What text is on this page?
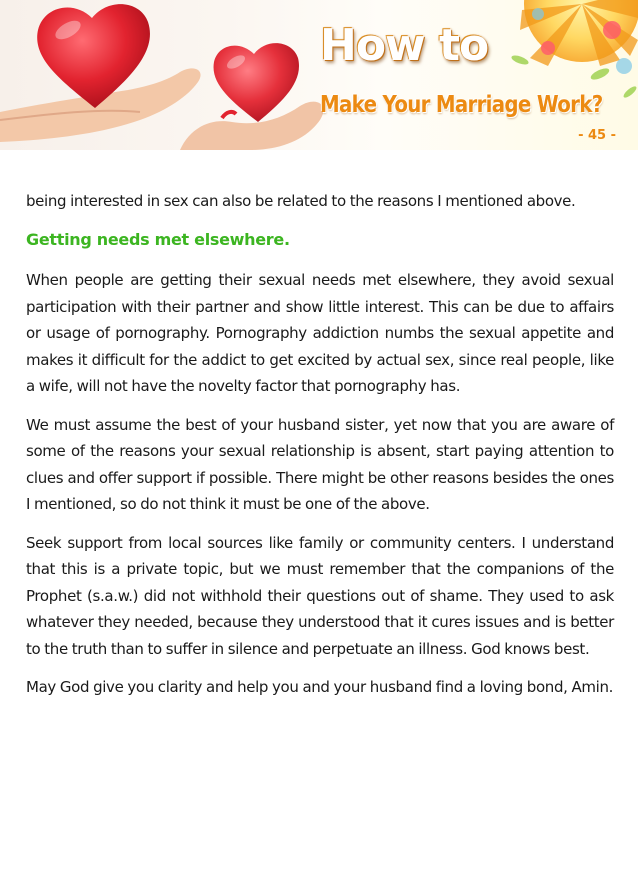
How to
Make Your Marriage Work?
- 45 -

being interested in sex can also be related to the reasons I mentioned above.

Getting needs met elsewhere.

When people are getting their sexual needs met elsewhere, they avoid sexual participation with their partner and show little interest. This can be due to affairs or usage of pornography. Pornography addiction numbs the sexual appetite and makes it difficult for the addict to get excited by actual sex, since real people, like a wife, will not have the novelty factor that pornography has.

We must assume the best of your husband sister, yet now that you are aware of some of the reasons your sexual relationship is absent, start paying attention to clues and offer support if possible. There might be other reasons besides the ones I mentioned, so do not think it must be one of the above.

Seek support from local sources like family or community centers. I understand that this is a private topic, but we must remember that the companions of the Prophet (s.a.w.) did not withhold their questions out of shame. They used to ask whatever they needed, because they understood that it cures issues and is better to the truth than to suffer in silence and perpetuate an illness. God knows best.

May God give you clarity and help you and your husband find a loving bond, Amin.
